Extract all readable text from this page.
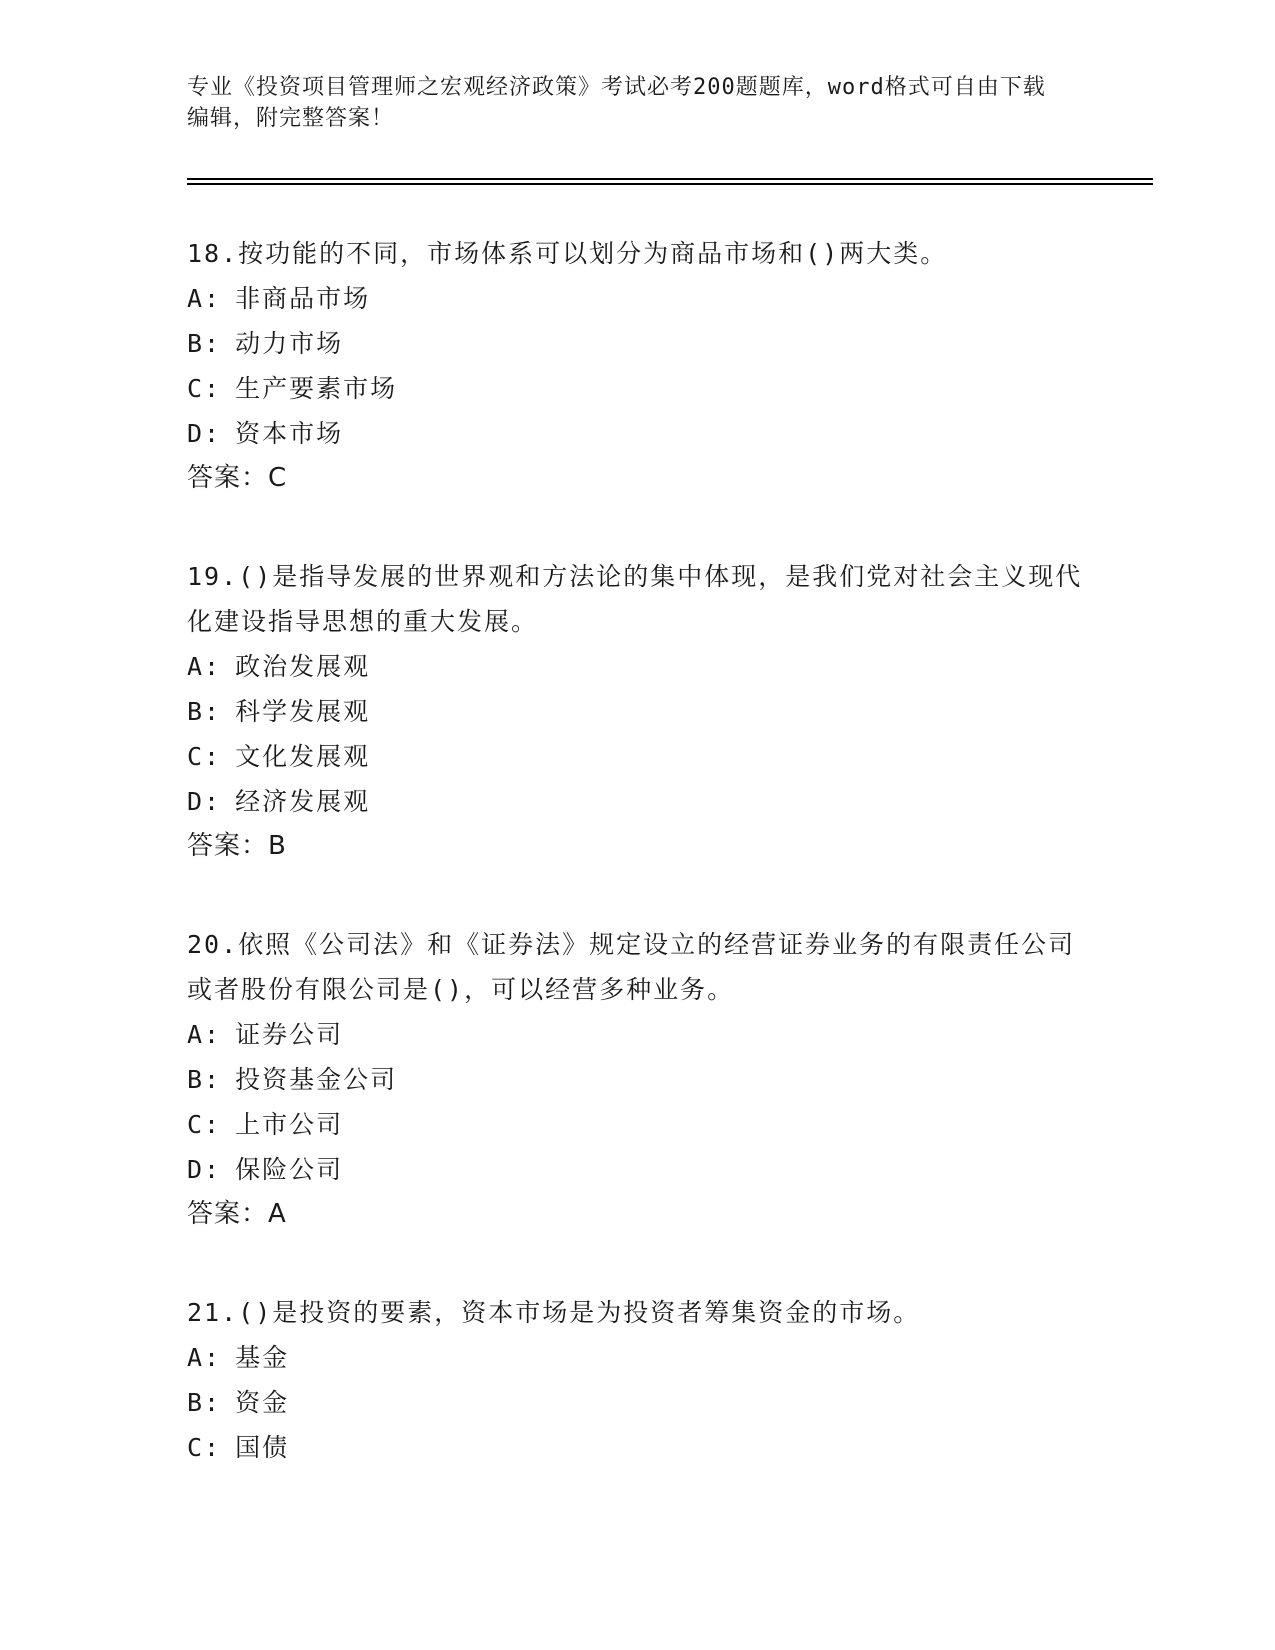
专业《投资项目管理师之宏观经济政策》考试必考200题题库，word格式可自由下载编辑，附完整答案！
18.按功能的不同，市场体系可以划分为商品市场和()两大类。
A: 非商品市场
B: 动力市场
C: 生产要素市场
D: 资本市场
答案：C
19.()是指导发展的世界观和方法论的集中体现，是我们党对社会主义现代化建设指导思想的重大发展。
A: 政治发展观
B: 科学发展观
C: 文化发展观
D: 经济发展观
答案：B
20.依照《公司法》和《证券法》规定设立的经营证券业务的有限责任公司或者股份有限公司是()，可以经营多种业务。
A: 证券公司
B: 投资基金公司
C: 上市公司
D: 保险公司
答案：A
21.()是投资的要素，资本市场是为投资者筹集资金的市场。
A: 基金
B: 资金
C: 国债
